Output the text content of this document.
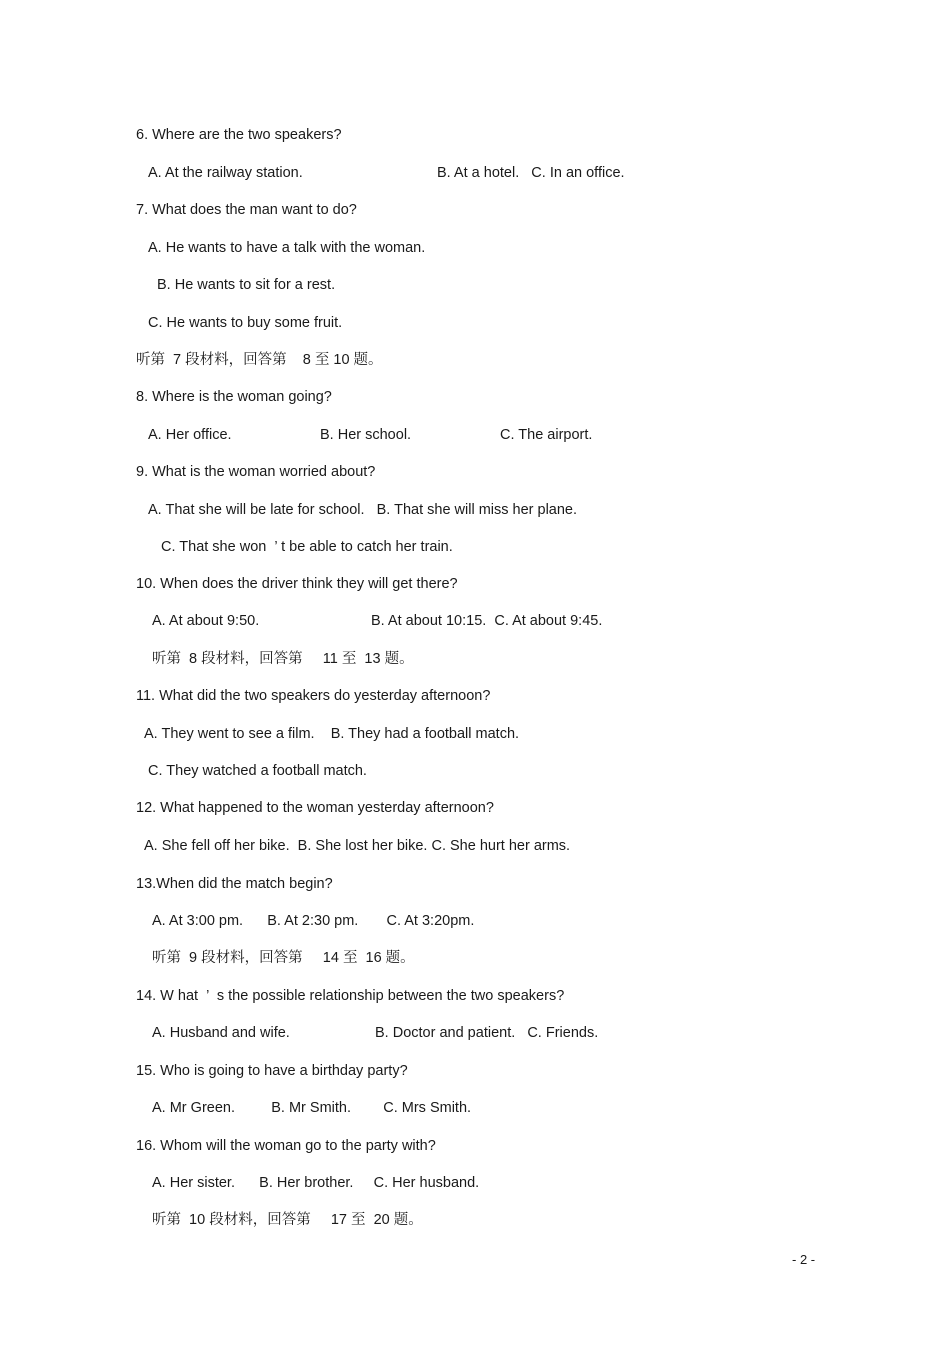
6. Where are the two speakers?
A. At the railway station.	B. At a hotel.   C. In an office.
7. What does the man want to do?
A. He wants to have a talk with the woman.
B. He wants to sit for a rest.
C. He wants to buy some fruit.
听第  7 段材料，回答第    8 至 10 题。
8. Where is the woman going?
A. Her office.	B. Her school.	C. The airport.
9. What is the woman worried about?
A. That she will be late for school.   B. That she will miss her plane.
C. That she won  ’ t be able to catch her train.
10. When does the driver think they will get there?
A. At about 9:50.	B. At about 10:15.  C. At about 9:45.
听第  8 段材料，回答第     11 至  13 题。
11. What did the two speakers do yesterday afternoon?
A. They went to see a film.    B. They had a football match.
C. They watched a football match.
12. What happened to the woman yesterday afternoon?
A. She fell off her bike.  B. She lost her bike. C. She hurt her arms.
13.When did the match begin?
A. At 3:00 pm.      B. At 2:30 pm.       C. At 3:20pm.
听第  9 段材料，回答第     14 至  16 题。
14. W hat  ’  s the possible relationship between the two speakers?
A. Husband and wife.	B. Doctor and patient.   C. Friends.
15. Who is going to have a birthday party?
A. Mr Green.         B. Mr Smith.        C. Mrs Smith.
16. Whom will the woman go to the party with?
A. Her sister.      B. Her brother.     C. Her husband.
听第  10 段材料，回答第     17 至  20 题。
- 2 -
